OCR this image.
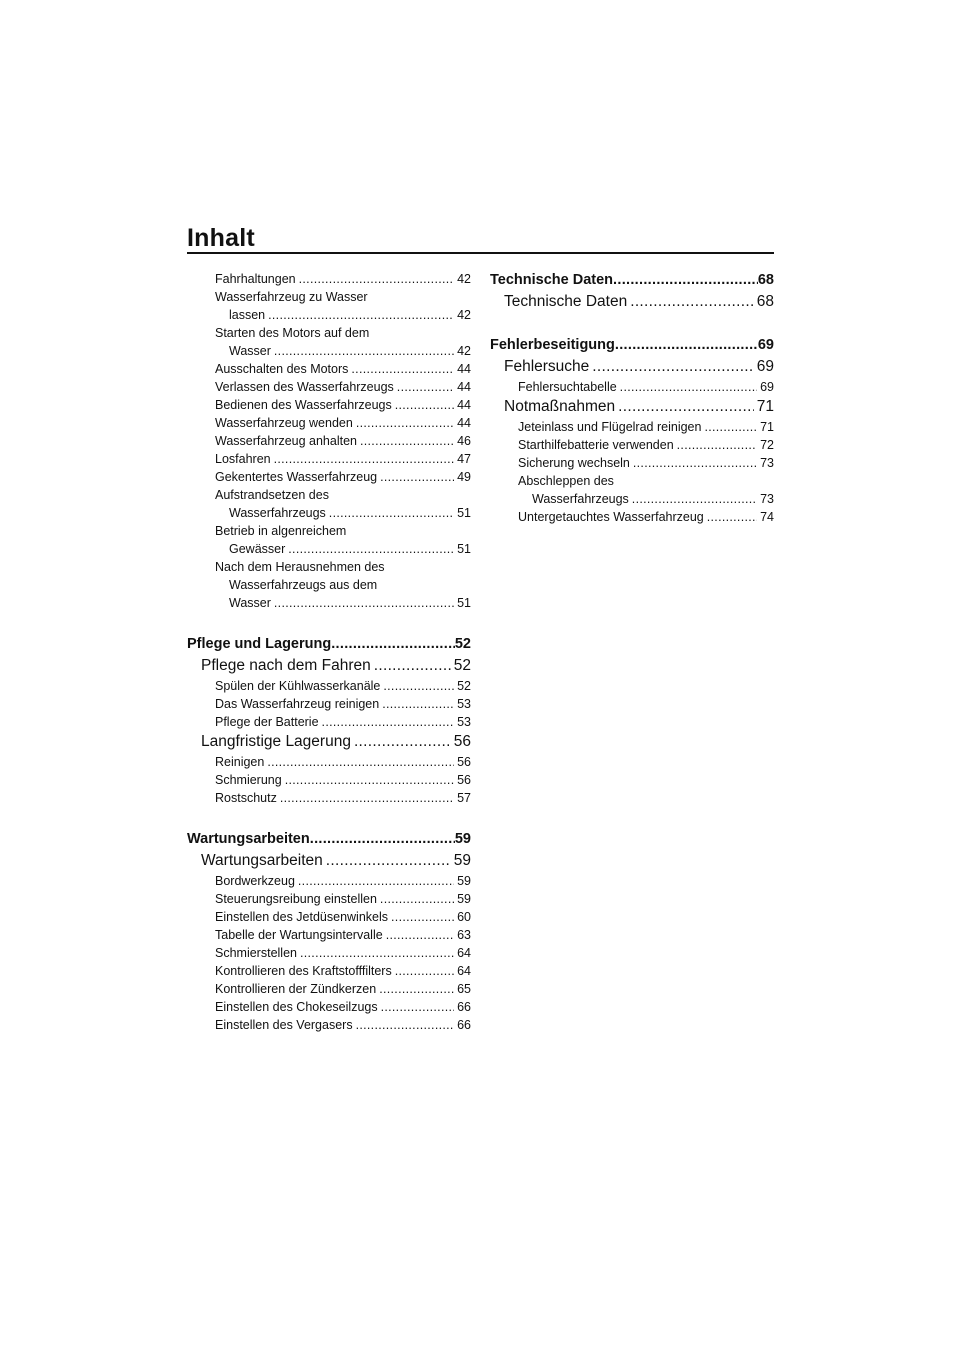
Inhalt
Fahrhaltungen .....	42
Wasserfahrzeug zu Wasser
lassen .....	42
Starten des Motors auf dem
Wasser .....	42
Ausschalten des Motors .....	44
Verlassen des Wasserfahrzeugs .....	44
Bedienen des Wasserfahrzeugs .....	44
Wasserfahrzeug wenden .....	44
Wasserfahrzeug anhalten .....	46
Losfahren .....	47
Gekentertes Wasserfahrzeug .....	49
Aufstrandsetzen des
Wasserfahrzeugs .....	51
Betrieb in algenreichem
Gewässer .....	51
Nach dem Herausnehmen des
Wasserfahrzeugs aus dem
Wasser .....	51
Pflege und Lagerung .....	52
Pflege nach dem Fahren .....	52
Spülen der Kühlwasserkanäle .....	52
Das Wasserfahrzeug reinigen .....	53
Pflege der Batterie .....	53
Langfristige Lagerung .....	56
Reinigen .....	56
Schmierung .....	56
Rostschutz .....	57
Wartungsarbeiten .....	59
Wartungsarbeiten .....	59
Bordwerkzeug .....	59
Steuerungsreibung einstellen .....	59
Einstellen des Jetdüsenwinkels .....	60
Tabelle der Wartungsintervalle .....	63
Schmierstellen .....	64
Kontrollieren des Kraftstofffilters .....	64
Kontrollieren der Zündkerzen .....	65
Einstellen des Chokeseilzugs .....	66
Einstellen des Vergasers .....	66
Technische Daten .....	68
Technische Daten .....	68
Fehlerbeseitigung .....	69
Fehlersuche .....	69
Fehlersuchtabelle .....	69
Notmaßnahmen .....	71
Jeteinlass und Flügelrad reinigen .....	71
Starthilfebatterie verwenden .....	72
Sicherung wechseln .....	73
Abschleppen des
Wasserfahrzeugs .....	73
Untergetauchtes Wasserfahrzeug .....	74
